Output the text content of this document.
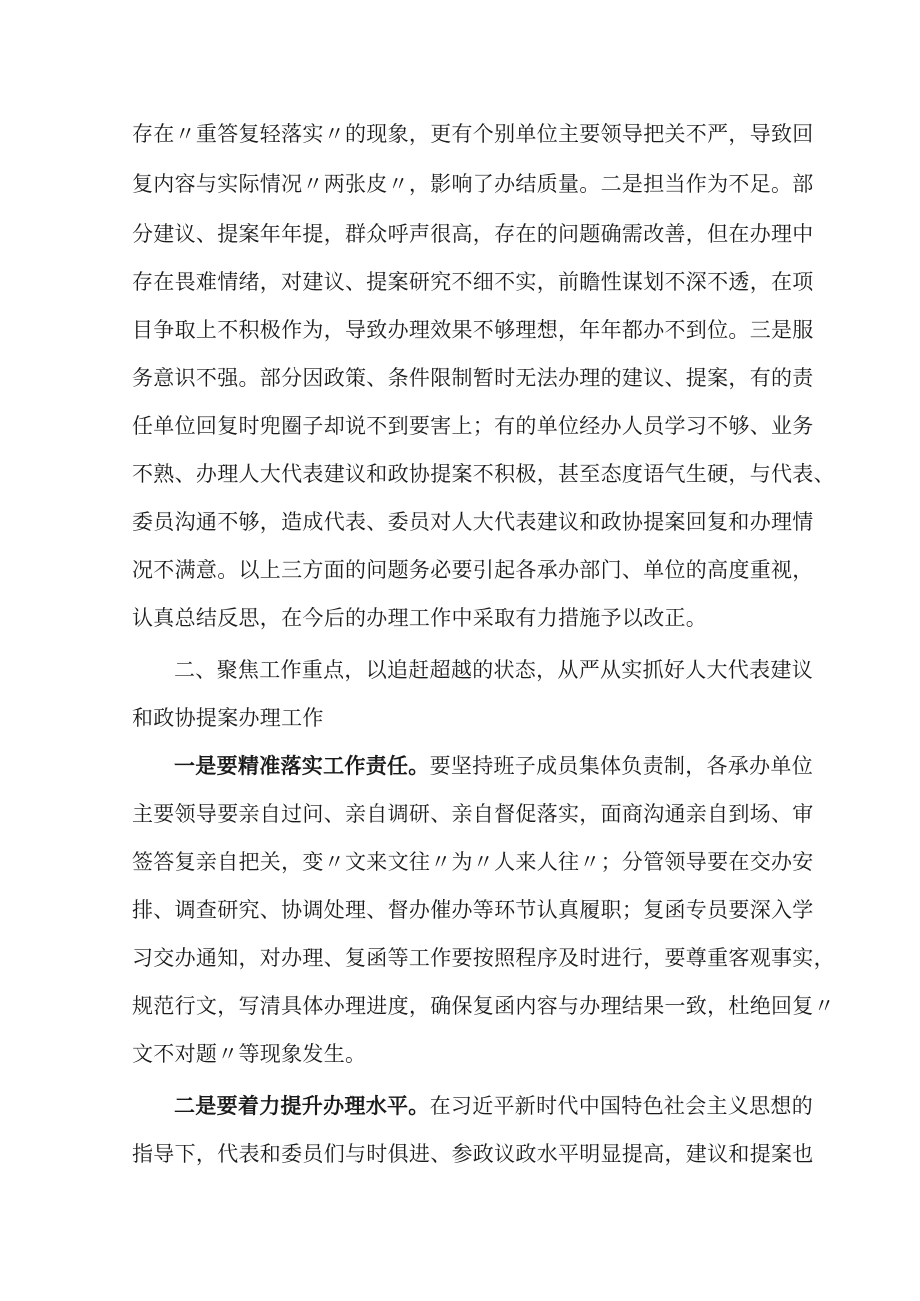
存在〃重答复轻落实〃的现象，更有个别单位主要领导把关不严，导致回
复内容与实际情况〃两张皮〃，影响了办结质量。二是担当作为不足。部
分建议、提案年年提，群众呼声很高，存在的问题确需改善，但在办理中
存在畏难情绪，对建议、提案研究不细不实，前瞻性谋划不深不透，在项
目争取上不积极作为，导致办理效果不够理想，年年都办不到位。三是服
务意识不强。部分因政策、条件限制暂时无法办理的建议、提案，有的责
任单位回复时兜圈子却说不到要害上；有的单位经办人员学习不够、业务
不熟、办理人大代表建议和政协提案不积极，甚至态度语气生硬，与代表、
委员沟通不够，造成代表、委员对人大代表建议和政协提案回复和办理情
况不满意。以上三方面的问题务必要引起各承办部门、单位的高度重视，
认真总结反思，在今后的办理工作中采取有力措施予以改正。
二、聚焦工作重点，以追赶超越的状态，从严从实抓好人大代表建议
和政协提案办理工作
一是要精准落实工作责任。要坚持班子成员集体负责制，各承办单位
主要领导要亲自过问、亲自调研、亲自督促落实，面商沟通亲自到场、审
签答复亲自把关，变〃文来文往〃为〃人来人往〃；分管领导要在交办安
排、调查研究、协调处理、督办催办等环节认真履职；复函专员要深入学
习交办通知，对办理、复函等工作要按照程序及时进行，要尊重客观事实，
规范行文，写清具体办理进度，确保复函内容与办理结果一致，杜绝回复〃
文不对题〃等现象发生。
二是要着力提升办理水平。在习近平新时代中国特色社会主义思想的
指导下，代表和委员们与时俱进、参政议政水平明显提高，建议和提案也
